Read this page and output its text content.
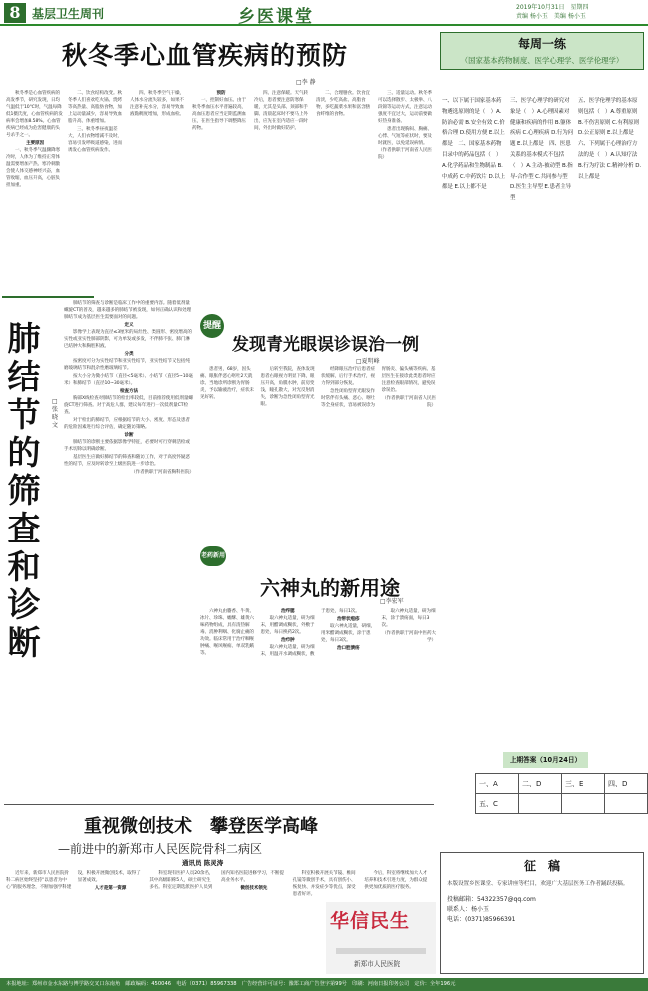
8 基层卫生周刊	乡医课堂	2019年10月31日　星期四
责编 杨小玉　美编 杨小玉
秋冬季心血管疾病的预防
□李 静

秋冬季是心血管疾病的高发季节，研究发现，日均气温低于10℃时，气温每降低1摄氏度，心血管疾病的发病率会增加8.58%。心血管疾病已经成为危害健康的头号杀手之一。

主要原因

一、秋冬季气温骤降寒冷时，人体为了维持正常体温需要增加产热。寒冷刺激会使人体交感神经兴奋，血管收缩，血压升高，心脏负担加重。

二、饮食结构改变。秋冬季人们喜欢吃火锅、烧烤等高热量、高脂肪食物，加上运动量减少，容易导致血脂升高、体重增加。

三、秋冬季昼夜温差大，人们衣物增减不及时，容易引发呼吸道感染，进而诱发心血管疾病发作。

四、秋冬季空气干燥，人体水分流失较多，如果不注意补充水分，容易导致血液黏稠度增加，形成血栓。

预防

一、控制好血压。由于秋冬季血压水平普遍较高，高血压患者应当定期监测血压，在医生指导下调整降压药物。

四、注意保暖。天气转冷后，患者要注意防寒保暖，尤其是头部、颈部和手脚。清晨起床时不要马上外出，应先在室内适应一段时间，外出时做好防护。

二、合理膳食。饮食宜清淡，少吃高盐、高脂食物，多吃蔬菜水果和富含膳食纤维的食物。

三、适量运动。秋冬季可以选择散步、太极拳、八段锦等运动方式，注意运动强度不宜过大，运动前要做好热身准备。

患者出现胸闷、胸痛、心悸、气短等症状时，要及时就医，以免延误病情。（作者供职于河南省人民医院）

每周一练
（国家基本药物制度、医学心理学、医学伦理学）
一、以下属于国家基本药物遴选原则的是（　）A.防治必需 B.安全有效 C.价格合理 D.使用方便 E.以上都是　二、国家基本药物目录中的药品包括（　）A.化学药品和生物制品 B.中成药 C.中药饮片 D.以上都是 E.以上都不是
三、医学心理学的研究对象是（　）A.心理因素对健康和疾病的作用 B.躯体疾病 C.心理疾病 D.行为问题 E.以上都是　四、医患关系的基本模式不包括（　）A.主动-被动型 B.指导-合作型 C.共同参与型 D.医生主导型 E.患者主导型
五、医学伦理学的基本原则包括（　）A.尊重原则 B.不伤害原则 C.有利原则 D.公正原则 E.以上都是　六、下列属于心理治疗方法的是（　）A.认知疗法 B.行为疗法 C.精神分析 D.以上都是
上期答案（10月24日）
一、A	二、D	三、E	四、D
五、C			
肺结节的筛查和诊断
□张晓文

肺结节的筛查与诊断是临床工作中的重要内容。随着低剂量螺旋CT的普及，越来越多的肺结节被发现，如何正确认识和处理肺结节成为基层医生需要面对的问题。

定义

影像学上表现为直径≤3厘米的局灶性、类圆形、密度增高的实性或亚实性肺部阴影，可为单发或多发，不伴肺不张、肺门淋巴结肿大和胸腔积液。

分类

按密度可分为实性结节和亚实性结节，亚实性结节又包括纯磨玻璃结节和混杂性磨玻璃结节。

按大小分为微小结节（直径<5毫米）、小结节（直径5~10毫米）和肺结节（直径10~30毫米）。

检查方法

胸部X线检查对肺结节的检出率较低，目前推荐使用低剂量螺旋CT进行筛查。对于高危人群，建议每年进行一次低剂量CT检查。

对于检出的肺结节，应根据结节的大小、密度、形态及患者的危险因素进行综合评估，确定随访策略。

诊断

肺结节的诊断主要依据影像学特征，必要时可行穿刺活检或手术切除以明确诊断。

基层医生应做好肺结节的筛查和随访工作，对于高度怀疑恶性的结节，应及时转诊至上级医院进一步诊治。

（作者供职于河南省胸科医院）
提醒
发现青光眼误诊误治一例
□夏明峰

患者男，68岁，因头痛、眼胀伴恶心呕吐2天就诊。当地诊所诊断为胃肠炎，予以输液治疗，症状未见好转。

后转至我院，查体发现患者右眼视力明显下降，眼压升高，角膜水肿，前房变浅，瞳孔散大，对光反射消失，诊断为急性闭角型青光眼。

经降眼压治疗后患者症状缓解，后行手术治疗，视力得到部分恢复。

急性闭角型青光眼发作时常伴有头痛、恶心、呕吐等全身症状，容易被误诊为胃肠炎、偏头痛等疾病。基层医生在接诊此类患者时应注意检查眼部情况，避免误诊误治。

（作者供职于河南省人民医院）
老药新用
六神丸的新用途
□李宏军

六神丸由麝香、牛黄、冰片、珍珠、蟾酥、雄黄六味药物组成，具有清热解毒、消肿利咽、化腐止痛的功效。临床常用于治疗咽喉肿痛、喉风喉痈、单双乳蛾等。

治痄腮

取六神丸适量，研为细末，用醋调成糊状，外敷于患处，每日换药2次。

治疖肿

取六神丸适量，研为细末，用温开水调成糊状，敷于患处，每日1次。

治带状疱疹

取六神丸适量，研细，用米醋调成糊状，涂于患处，每日3次。

治口腔溃疡

取六神丸适量，研为细末，涂于溃疡面，每日3次。

（作者供职于河南中医药大学）
重视微创技术　攀登医学高峰
—前进中的新郑市人民医院骨科二病区
通讯员 陈灵涛

近年来，新郑市人民医院骨科二病区始终坚持“以患者为中心”的服务理念，不断加强学科建设，积极开展微创技术，取得了显著成效。

人才是第一资源

科室现有医护人员20余名，其中高级职称5人，硕士研究生多名。科室定期选派医护人员到国内知名医院进修学习，不断提高业务水平。

微创技术领先

科室积极开展关节镜、椎间孔镜等微创手术，具有创伤小、恢复快、并发症少等优点，深受患者好评。

今后，科室将继续加大人才培养和技术引进力度，为群众提供更加优质的医疗服务。

华信民生
新郑市人民医院
征　稿
本版设置乡医课堂、专家讲座等栏目，欢迎广大基层医务工作者踊跃投稿。
投稿邮箱：54322357@qq.com
联系人：杨小玉
电话：(0371)85966391
本报地址：郑州市金水东路与博学路交叉口东南角　邮政编码：450046　电话（0371）85967338　广告经营许可证号：豫郑工商广告登字第99号　印刷：河南日报印务公司　定价：全年196元
